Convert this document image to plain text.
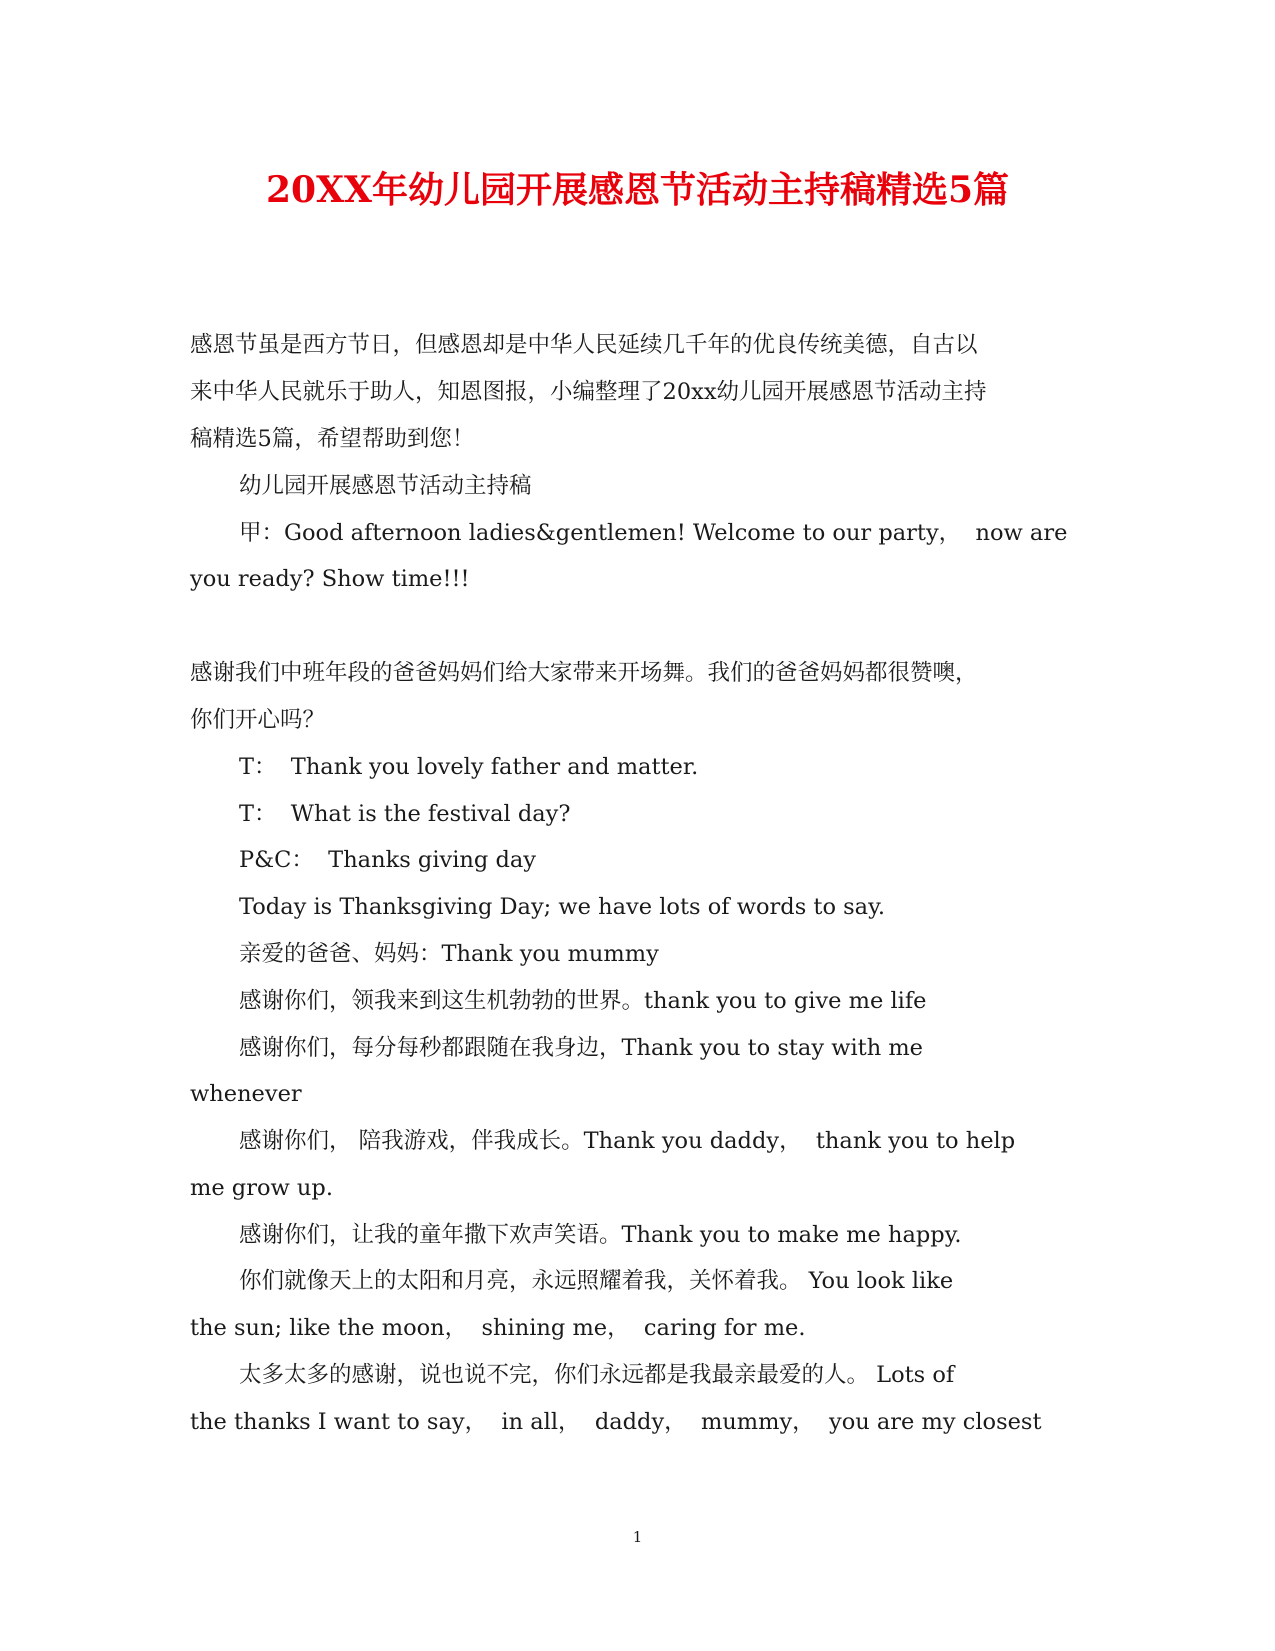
20XX年幼儿园开展感恩节活动主持稿精选5篇
感恩节虽是西方节日，但感恩却是中华人民延续几千年的优良传统美德，自古以
来中华人民就乐于助人，知恩图报，小编整理了20xx幼儿园开展感恩节活动主持
稿精选5篇，希望帮助到您！
幼儿园开展感恩节活动主持稿
甲：Good afternoon ladies&gentlemen! Welcome to our party，  now are
you ready? Show time!!!
感谢我们中班年段的爸爸妈妈们给大家带来开场舞。我们的爸爸妈妈都很赞噢，
你们开心吗？
T：  Thank you lovely father and matter.
T：  What is the festival day?
P&C：  Thanks giving day
Today is Thanksgiving Day; we have lots of words to say.
亲爱的爸爸、妈妈：Thank you mummy
感谢你们，领我来到这生机勃勃的世界。thank you to give me life
感谢你们，每分每秒都跟随在我身边，Thank you to stay with me
whenever
感谢你们， 陪我游戏，伴我成长。Thank you daddy，  thank you to help
me grow up.
感谢你们，让我的童年撒下欢声笑语。Thank you to make me happy.
你们就像天上的太阳和月亮，永远照耀着我，关怀着我。 You look like
the sun; like the moon，  shining me，  caring for me.
太多太多的感谢，说也说不完，你们永远都是我最亲最爱的人。 Lots of
the thanks I want to say，  in all，  daddy，  mummy，  you are my closest
1
